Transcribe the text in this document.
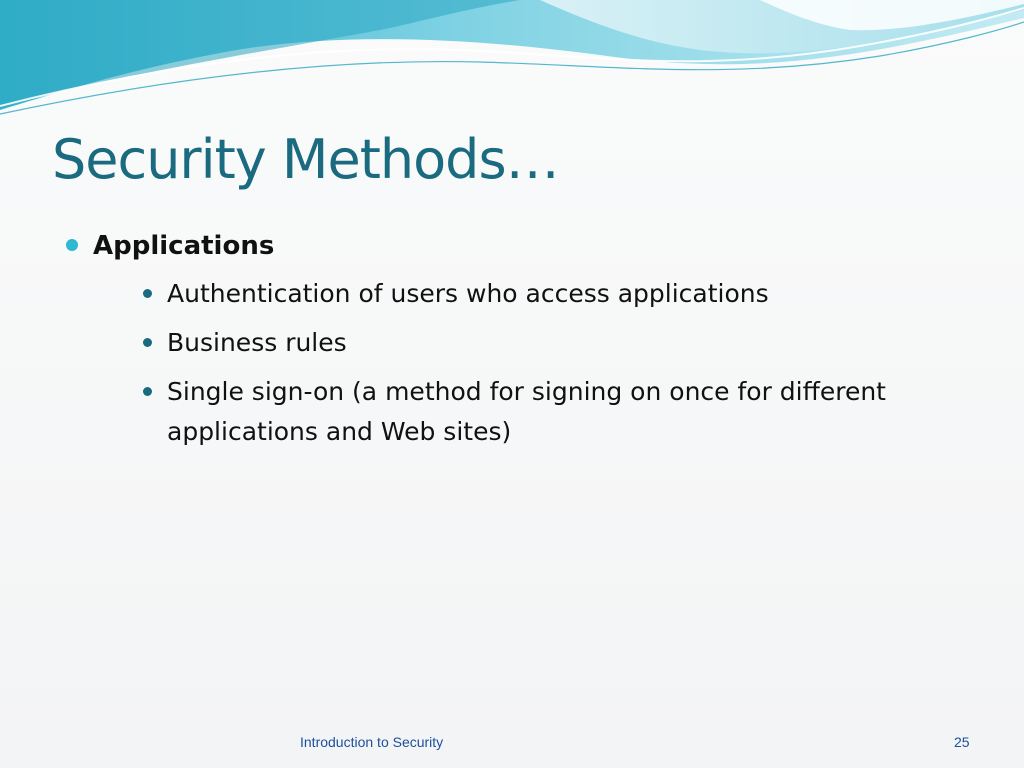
Security Methods…
Applications
Authentication of users who access applications
Business rules
Single sign-on (a method for signing on once for different applications and Web sites)
Introduction to Security	25
